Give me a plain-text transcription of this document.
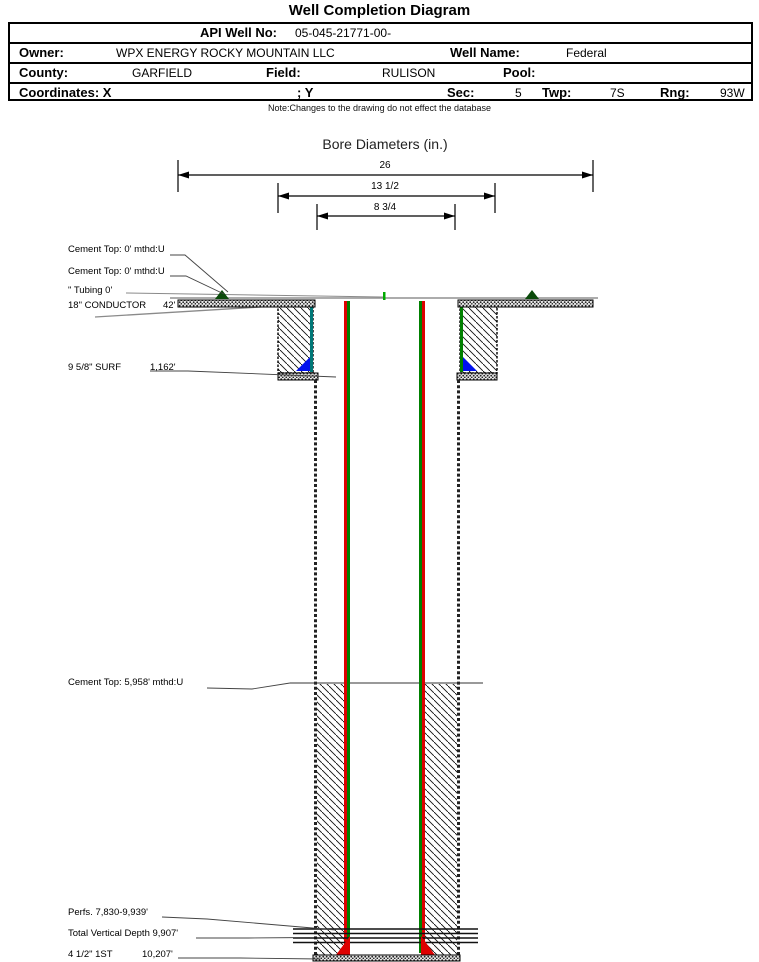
Well Completion Diagram
API Well No: 05-045-21771-00-
Owner:	WPX ENERGY ROCKY MOUNTAIN LLC	Well Name:	Federal
County:	GARFIELD	Field:	RULISON	Pool:
Coordinates: X	; Y	Sec:	5 Twp:	7S	Rng:	93W
Note:Changes to the drawing do not effect the database
Bore Diameters (in.)
26
13 1/2
8 3/4
Cement Top: 0' mthd:U
Cement Top: 0' mthd:U
" Tubing 0'
18" CONDUCTOR 42'
9 5/8" SURF	1,162'
Cement Top: 5,958' mthd:U
Perfs. 7,830-9,939'
Total Vertical Depth 9,907'
4 1/2" 1ST	10,207'
